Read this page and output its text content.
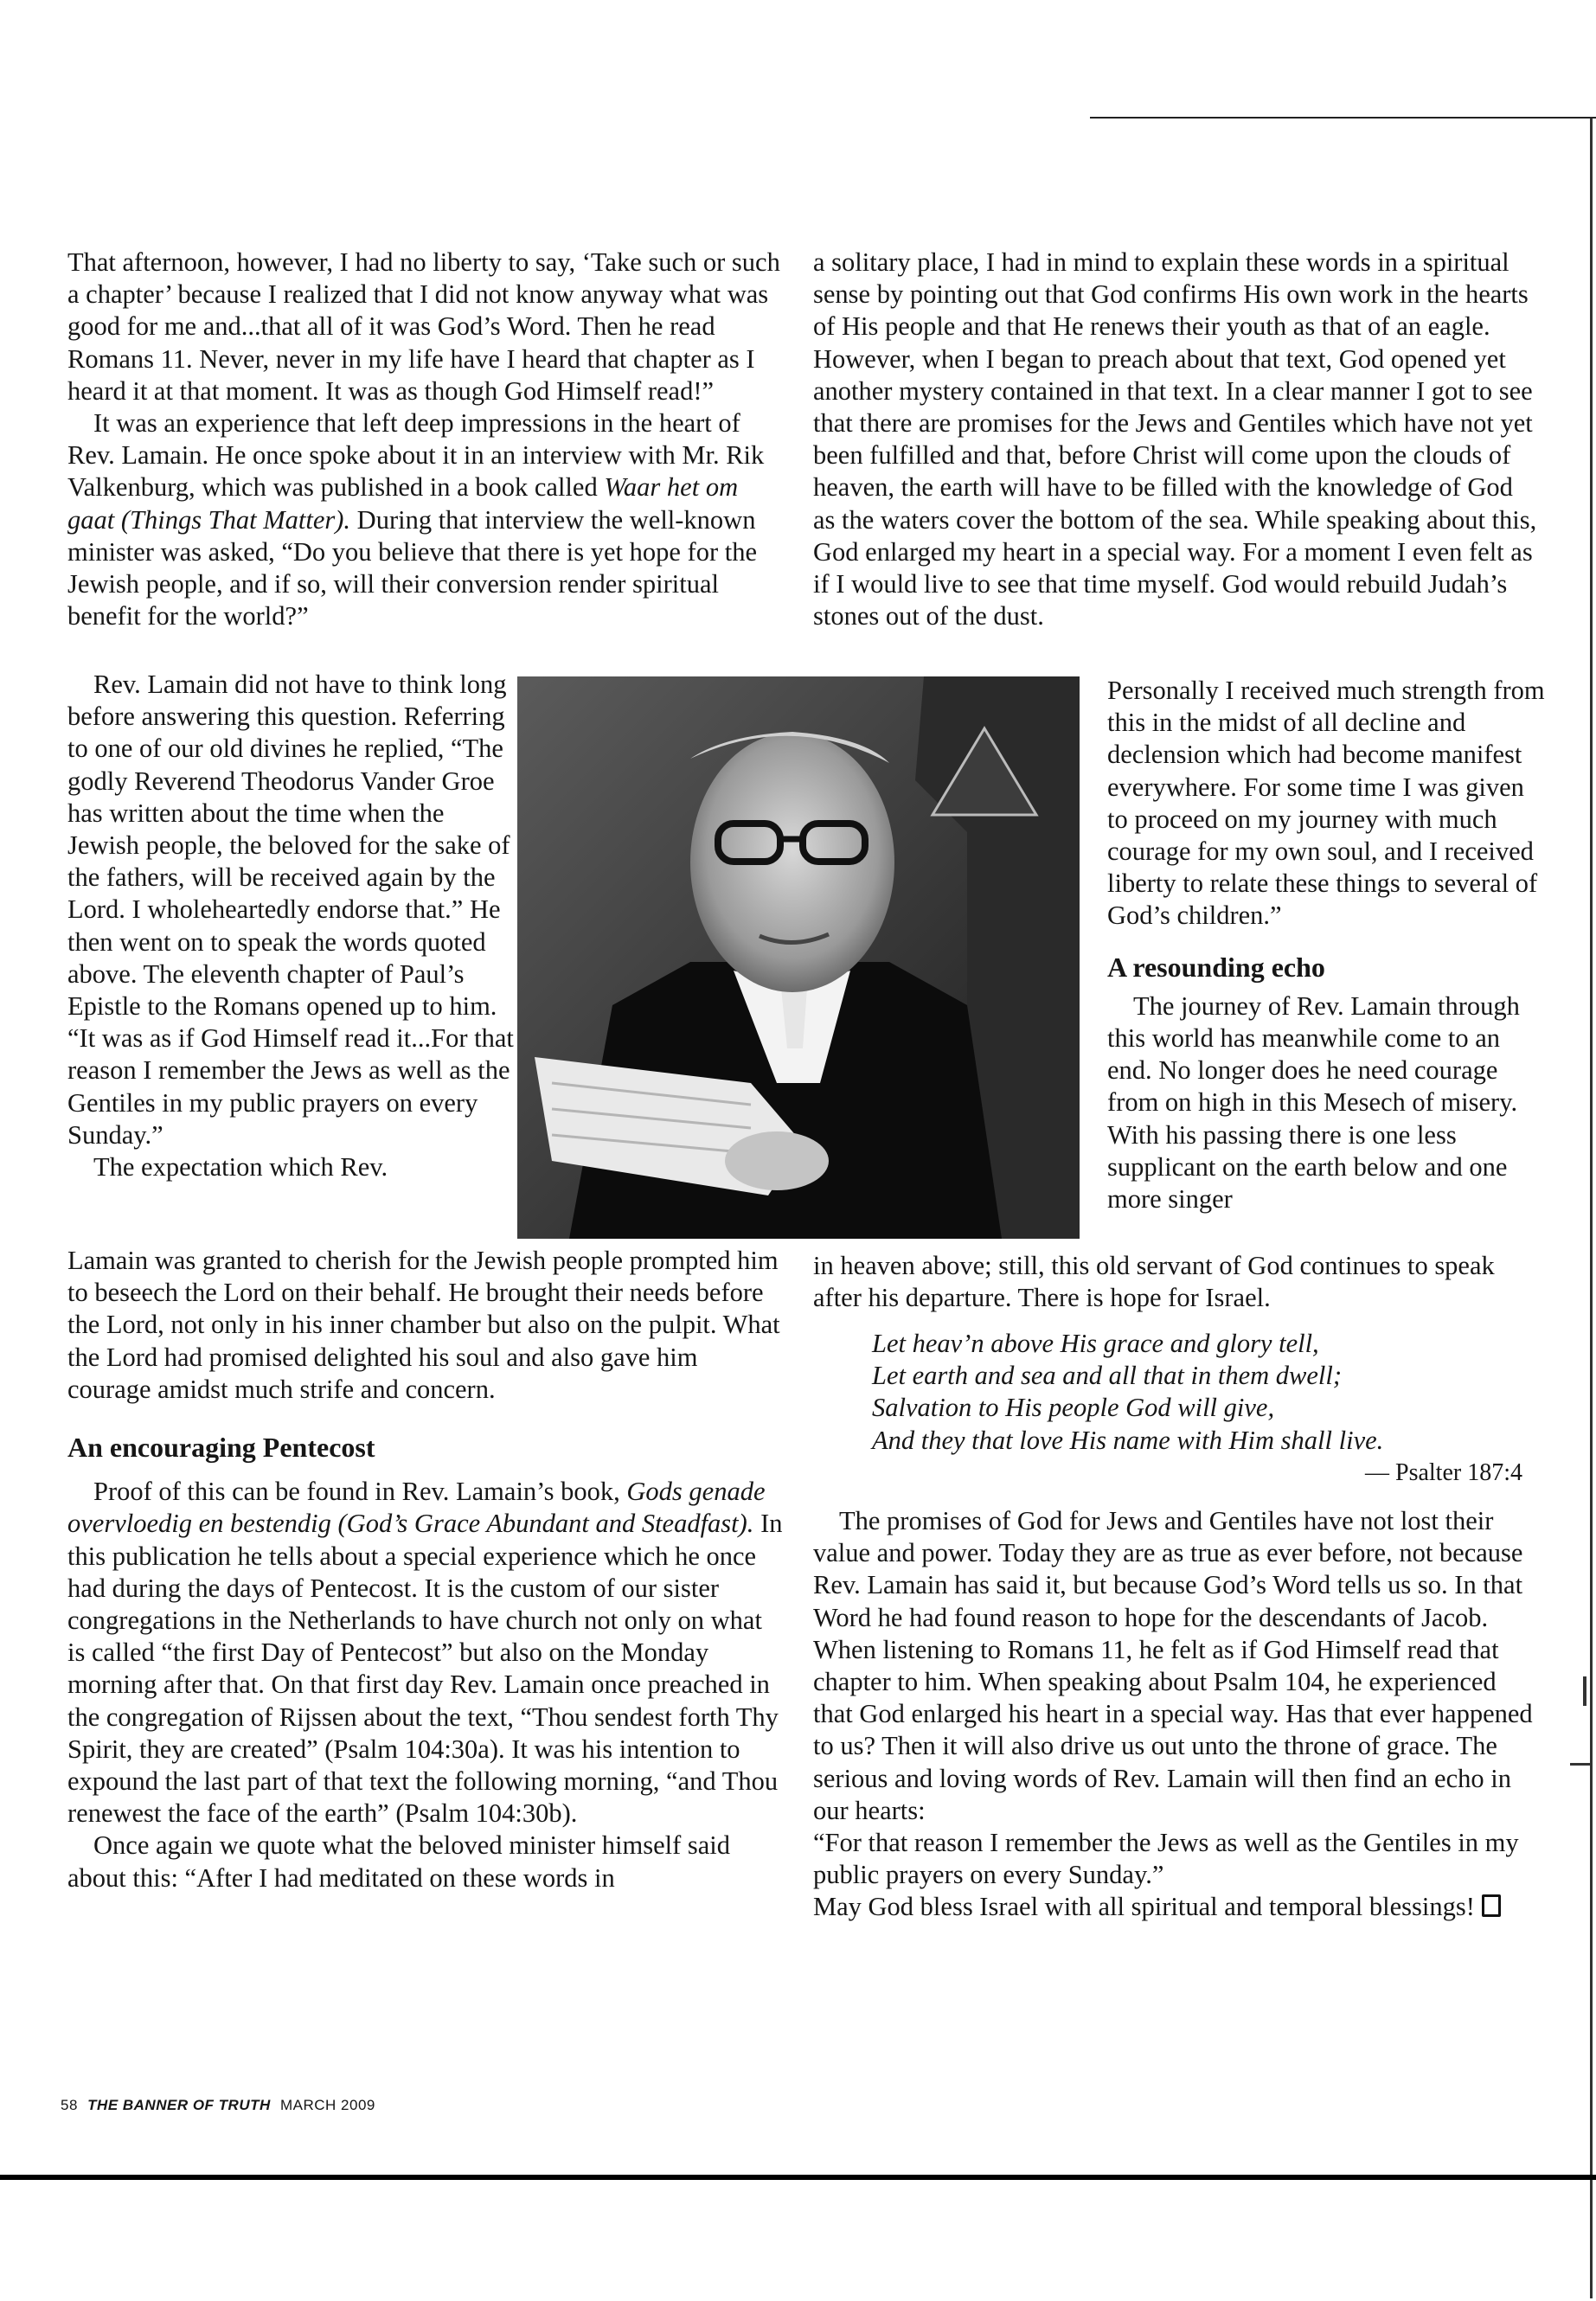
That afternoon, however, I had no liberty to say, ‘Take such or such a chapter’ because I realized that I did not know anyway what was good for me and...that all of it was God’s Word. Then he read Romans 11. Never, never in my life have I heard that chapter as I heard it at that moment. It was as though God Himself read!”

It was an experience that left deep impressions in the heart of Rev. Lamain. He once spoke about it in an interview with Mr. Rik Valkenburg, which was published in a book called Waar het om gaat (Things That Matter). During that interview the well-known minister was asked, “Do you believe that there is yet hope for the Jewish people, and if so, will their conversion render spiritual benefit for the world?”

Rev. Lamain did not have to think long before answering this question. Referring to one of our old divines he replied, “The godly Reverend Theodorus Vander Groe has written about the time when the Jewish people, the beloved for the sake of the fathers, will be received again by the Lord. I wholeheartedly endorse that.” He then went on to speak the words quoted above. The eleventh chapter of Paul’s Epistle to the Romans opened up to him. “It was as if God Himself read it...For that reason I remember the Jews as well as the Gentiles in my public prayers on every Sunday.”

The expectation which Rev.

Lamain was granted to cherish for the Jewish people prompted him to beseech the Lord on their behalf. He brought their needs before the Lord, not only in his inner chamber but also on the pulpit. What the Lord had promised delighted his soul and also gave him courage amidst much strife and concern.

An encouraging Pentecost

Proof of this can be found in Rev. Lamain’s book, Gods genade overvloedig en bestendig (God’s Grace Abundant and Steadfast). In this publication he tells about a special experience which he once had during the days of Pentecost. It is the custom of our sister congregations in the Netherlands to have church not only on what is called “the first Day of Pentecost” but also on the Monday morning after that. On that first day Rev. Lamain once preached in the congregation of Rijssen about the text, “Thou sendest forth Thy Spirit, they are created” (Psalm 104:30a). It was his intention to expound the last part of that text the following morning, “and Thou renewest the face of the earth” (Psalm 104:30b).

Once again we quote what the beloved minister himself said about this: “After I had meditated on these words in

a solitary place, I had in mind to explain these words in a spiritual sense by pointing out that God confirms His own work in the hearts of His people and that He renews their youth as that of an eagle. However, when I began to preach about that text, God opened yet another mystery contained in that text. In a clear manner I got to see that there are promises for the Jews and Gentiles which have not yet been fulfilled and that, before Christ will come upon the clouds of heaven, the earth will have to be filled with the knowledge of God as the waters cover the bottom of the sea. While speaking about this, God enlarged my heart in a special way. For a moment I even felt as if I would live to see that time myself. God would rebuild Judah’s stones out of the dust.

Personally I received much strength from this in the midst of all decline and declension which had become manifest everywhere. For some time I was given to proceed on my journey with much courage for my own soul, and I received liberty to relate these things to several of God’s children.”

A resounding echo

The journey of Rev. Lamain through this world has meanwhile come to an end. No longer does he need courage from on high in this Mesech of misery. With his passing there is one less supplicant on the earth below and one more singer

in heaven above; still, this old servant of God continues to speak after his departure. There is hope for Israel.

Let heav’n above His grace and glory tell,
Let earth and sea and all that in them dwell;
Salvation to His people God will give,
And they that love His name with Him shall live.
— Psalter 187:4

The promises of God for Jews and Gentiles have not lost their value and power. Today they are as true as ever before, not because Rev. Lamain has said it, but because God’s Word tells us so. In that Word he had found reason to hope for the descendants of Jacob. When listening to Romans 11, he felt as if God Himself read that chapter to him. When speaking about Psalm 104, he experienced that God enlarged his heart in a special way. Has that ever happened to us? Then it will also drive us out unto the throne of grace. The serious and loving words of Rev. Lamain will then find an echo in our hearts:

“For that reason I remember the Jews as well as the Gentiles in my public prayers on every Sunday.”

May God bless Israel with all spiritual and temporal blessings!

58 THE BANNER OF TRUTH MARCH 2009
